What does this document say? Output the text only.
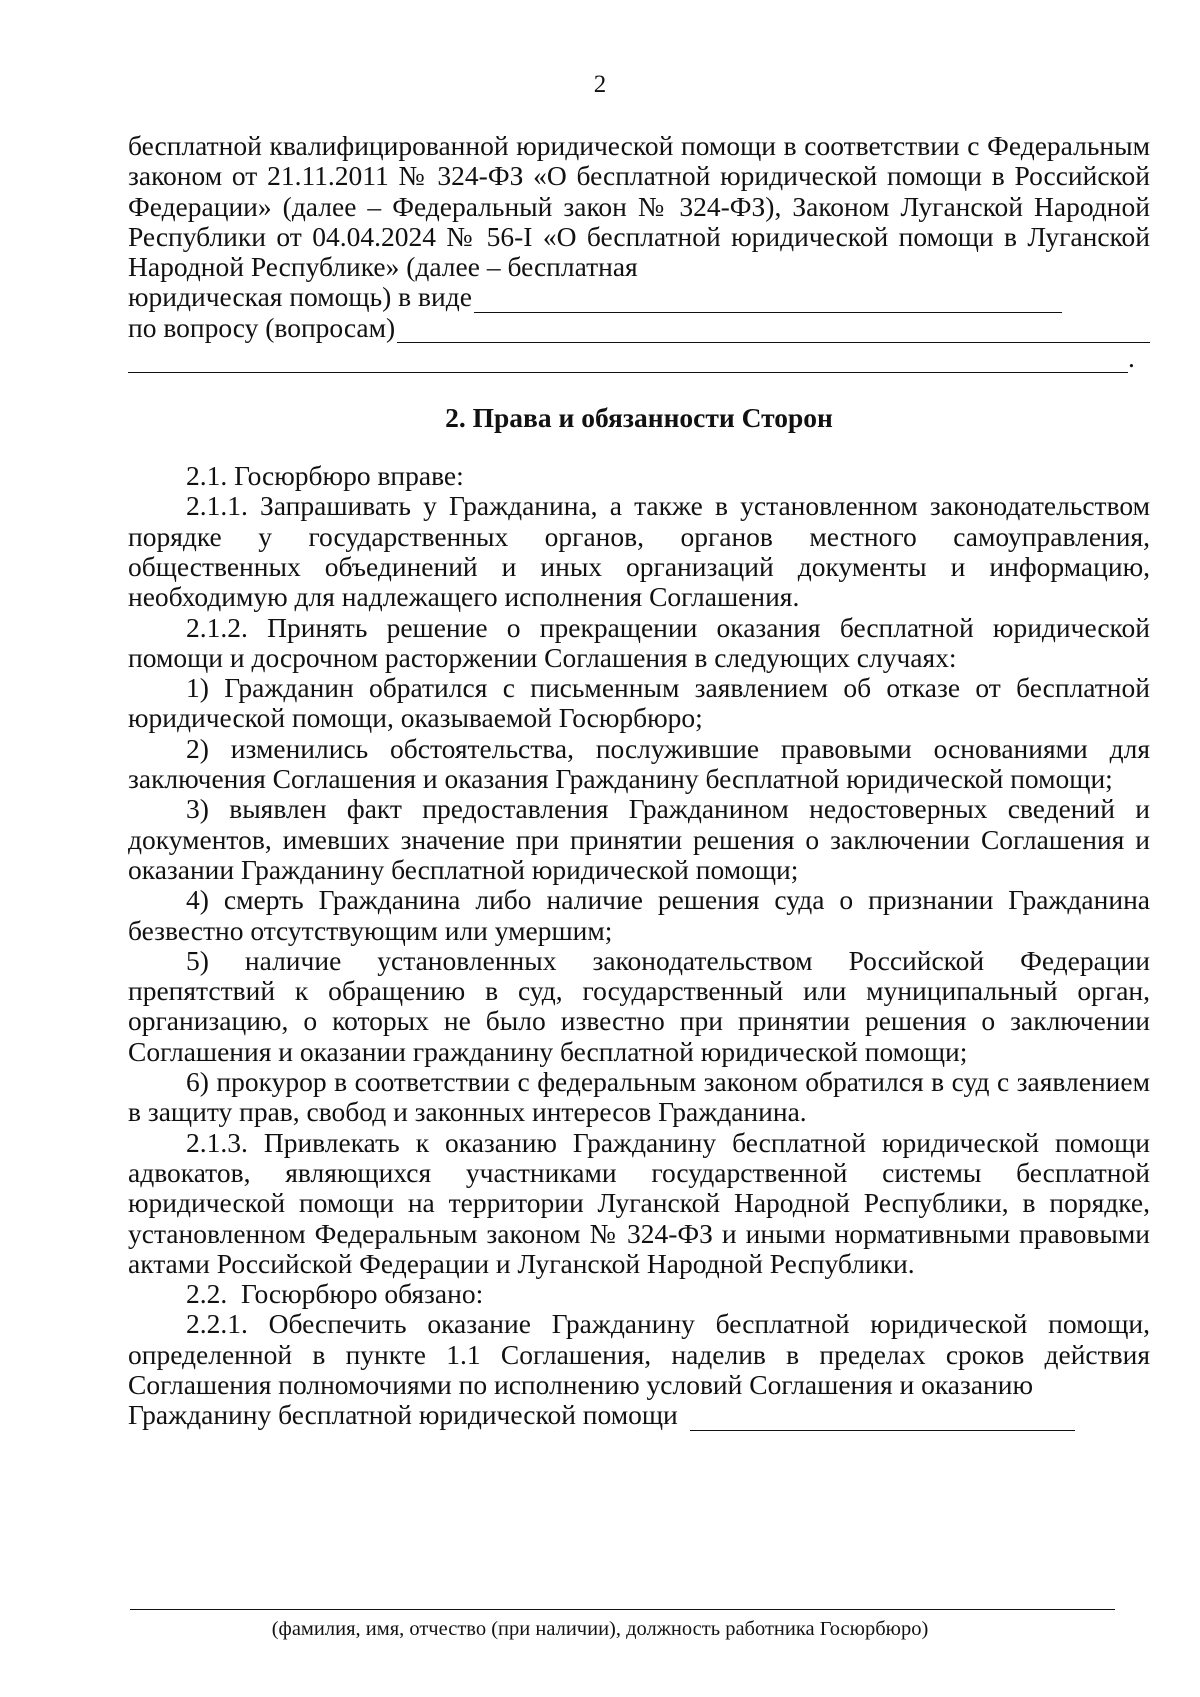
2

бесплатной квалифицированной юридической помощи в соответствии с Федеральным законом от 21.11.2011 № 324-ФЗ «О бесплатной юридической помощи в Российской Федерации» (далее – Федеральный закон № 324-ФЗ), Законом Луганской Народной Республики от 04.04.2024 № 56-I «О бесплатной юридической помощи в Луганской Народной Республике» (далее – бесплатная

юридическая помощь) в виде
по вопросу (вопросам)
.
2. Права и обязанности Сторон

2.1. Госюрбюро вправе:

2.1.1. Запрашивать у Гражданина, а также в установленном законодательством порядке у государственных органов, органов местного самоуправления, общественных объединений и иных организаций документы и информацию, необходимую для надлежащего исполнения Соглашения.

2.1.2. Принять решение о прекращении оказания бесплатной юридической помощи и досрочном расторжении Соглашения в следующих случаях:

1) Гражданин обратился с письменным заявлением об отказе от бесплатной юридической помощи, оказываемой Госюрбюро;

2) изменились обстоятельства, послужившие правовыми основаниями для заключения Соглашения и оказания Гражданину бесплатной юридической помощи;

3) выявлен факт предоставления Гражданином недостоверных сведений и документов, имевших значение при принятии решения о заключении Соглашения и оказании Гражданину бесплатной юридической помощи;

4) смерть Гражданина либо наличие решения суда о признании Гражданина безвестно отсутствующим или умершим;

5) наличие установленных законодательством Российской Федерации препятствий к обращению в суд, государственный или муниципальный орган, организацию, о которых не было известно при принятии решения о заключении Соглашения и оказании гражданину бесплатной юридической помощи;

6) прокурор в соответствии с федеральным законом обратился в суд с заявлением в защиту прав, свобод и законных интересов Гражданина.

2.1.3. Привлекать к оказанию Гражданину бесплатной юридической помощи адвокатов, являющихся участниками государственной системы бесплатной юридической помощи на территории Луганской Народной Республики, в порядке, установленном Федеральным законом № 324-ФЗ и иными нормативными правовыми актами Российской Федерации и Луганской Народной Республики.

2.2.  Госюрбюро обязано:

2.2.1. Обеспечить оказание Гражданину бесплатной юридической помощи, определенной в пункте 1.1 Соглашения, наделив в пределах сроков действия Соглашения полномочиями по исполнению условий Соглашения и оказанию

Гражданину бесплатной юридической помощи
(фамилия, имя, отчество (при наличии), должность работника Госюрбюро)
